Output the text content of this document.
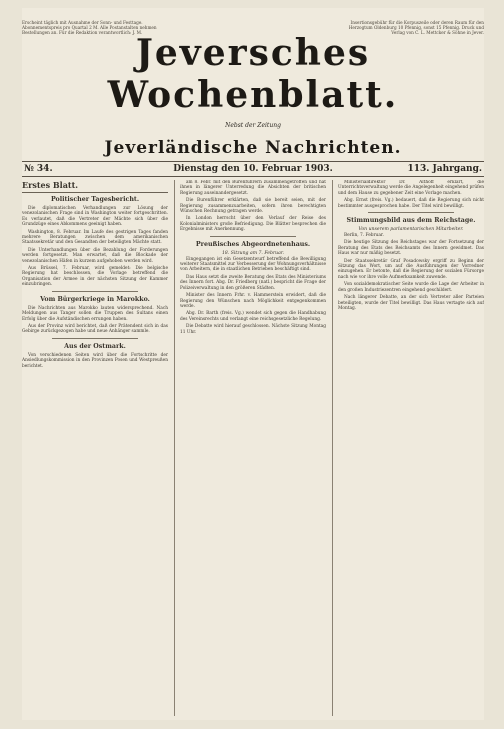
Erscheint täglich mit Ausnahme der Sonn- und Festtage. Abonnementspreis pro Quartal 2 M. Alle Postanstalten nehmen Bestellungen an. Für die Redaktion verantwortlich: J. M.
Insertionsgebühr für die Korpuszeile oder deren Raum für den Herzogtum Oldenburg 10 Pfennig, sonst 15 Pfennig. Druck und Verlag von C. L. Mettcker & Söhne in Jever.
Jeversches Wochenblatt.
Nebst der Zeitung
Jeverländische Nachrichten.
№ 34.	Dienstag den 10. Februar 1903.	113. Jahrgang.
Erstes Blatt.
Politischer Tagesbericht.
Die diplomatischen Verhandlungen zur Lösung der venezolanischen Frage sind in Washington weiter fortgeschritten. Es verlautet, daß die Vertreter der Mächte sich über die Grundzüge eines Abkommens geeinigt haben.
Washington, 8. Februar. Im Laufe des gestrigen Tages fanden mehrere Beratungen zwischen dem amerikanischen Staatssekretär und den Gesandten der beteiligten Mächte statt.
Die Unterhandlungen über die Bezahlung der Forderungen werden fortgesetzt. Man erwartet, daß die Blockade der venezolanischen Häfen in kurzem aufgehoben werden wird.
Aus Brüssel, 7. Februar, wird gemeldet: Die belgische Regierung hat beschlossen, die Vorlage betreffend die Organisation der Armee in der nächsten Sitzung der Kammer einzubringen.
Vom Bürgerkriege in Marokko.
Die Nachrichten aus Marokko lauten widersprechend. Nach Meldungen aus Tanger sollen die Truppen des Sultans einen Erfolg über die Aufständischen errungen haben.
Aus der Provinz wird berichtet, daß der Prätendent sich in das Gebirge zurückgezogen habe und neue Anhänger sammle.
Aus der Ostmark.
Von verschiedenen Seiten wird über die Fortschritte der Ansiedlungskommission in den Provinzen Posen und Westpreußen berichtet.
am 8. Febr. mit den Burenführern zusammengetroffen und hat ihnen in längerer Unterredung die Absichten der britischen Regierung auseinandergesetzt.
Die Burenführer erklärten, daß sie bereit seien, mit der Regierung zusammenzuarbeiten, sofern ihren berechtigten Wünschen Rechnung getragen werde.
In London herrscht über den Verlauf der Reise des Kolonialministers große Befriedigung. Die Blätter besprechen die Ergebnisse mit Anerkennung.
Preußisches Abgeordnetenhaus.
18. Sitzung am 7. Februar.
Eingegangen ist ein Gesetzentwurf betreffend die Bewilligung weiterer Staatsmittel zur Verbesserung der Wohnungsverhältnisse von Arbeitern, die in staatlichen Betrieben beschäftigt sind.
Das Haus setzt die zweite Beratung des Etats des Ministeriums des Innern fort. Abg. Dr. Friedberg (natl.) bespricht die Frage der Polizeiverwaltung in den größeren Städten.
Minister des Innern Frhr. v. Hammerstein erwidert, daß die Regierung den Wünschen nach Möglichkeit entgegenkommen werde.
Abg. Dr. Barth (freis. Vg.) wendet sich gegen die Handhabung des Vereinsrechts und verlangt eine reichsgesetzliche Regelung.
Die Debatte wird hierauf geschlossen. Nächste Sitzung Montag 11 Uhr.
Ministerialdirektor Dr. Althoff erklärt, die Unterrichtsverwaltung werde die Angelegenheit eingehend prüfen und dem Hause zu gegebener Zeit eine Vorlage machen.
Abg. Ernst (freis. Vg.) bedauert, daß die Regierung sich nicht bestimmter ausgesprochen habe. Der Titel wird bewilligt.
Stimmungsbild aus dem Reichstage.
Von unserem parlamentarischen Mitarbeiter.
Berlin, 7. Februar.
Die heutige Sitzung des Reichstages war der Fortsetzung der Beratung des Etats des Reichsamts des Innern gewidmet. Das Haus war nur mäßig besetzt.
Der Staatssekretär Graf Posadowsky ergriff zu Beginn der Sitzung das Wort, um auf die Ausführungen der Vorredner einzugehen. Er betonte, daß die Regierung der sozialen Fürsorge nach wie vor ihre volle Aufmerksamkeit zuwende.
Von sozialdemokratischer Seite wurde die Lage der Arbeiter in den großen Industriezentren eingehend geschildert.
Nach längerer Debatte, an der sich Vertreter aller Parteien beteiligten, wurde der Titel bewilligt. Das Haus vertagte sich auf Montag.
